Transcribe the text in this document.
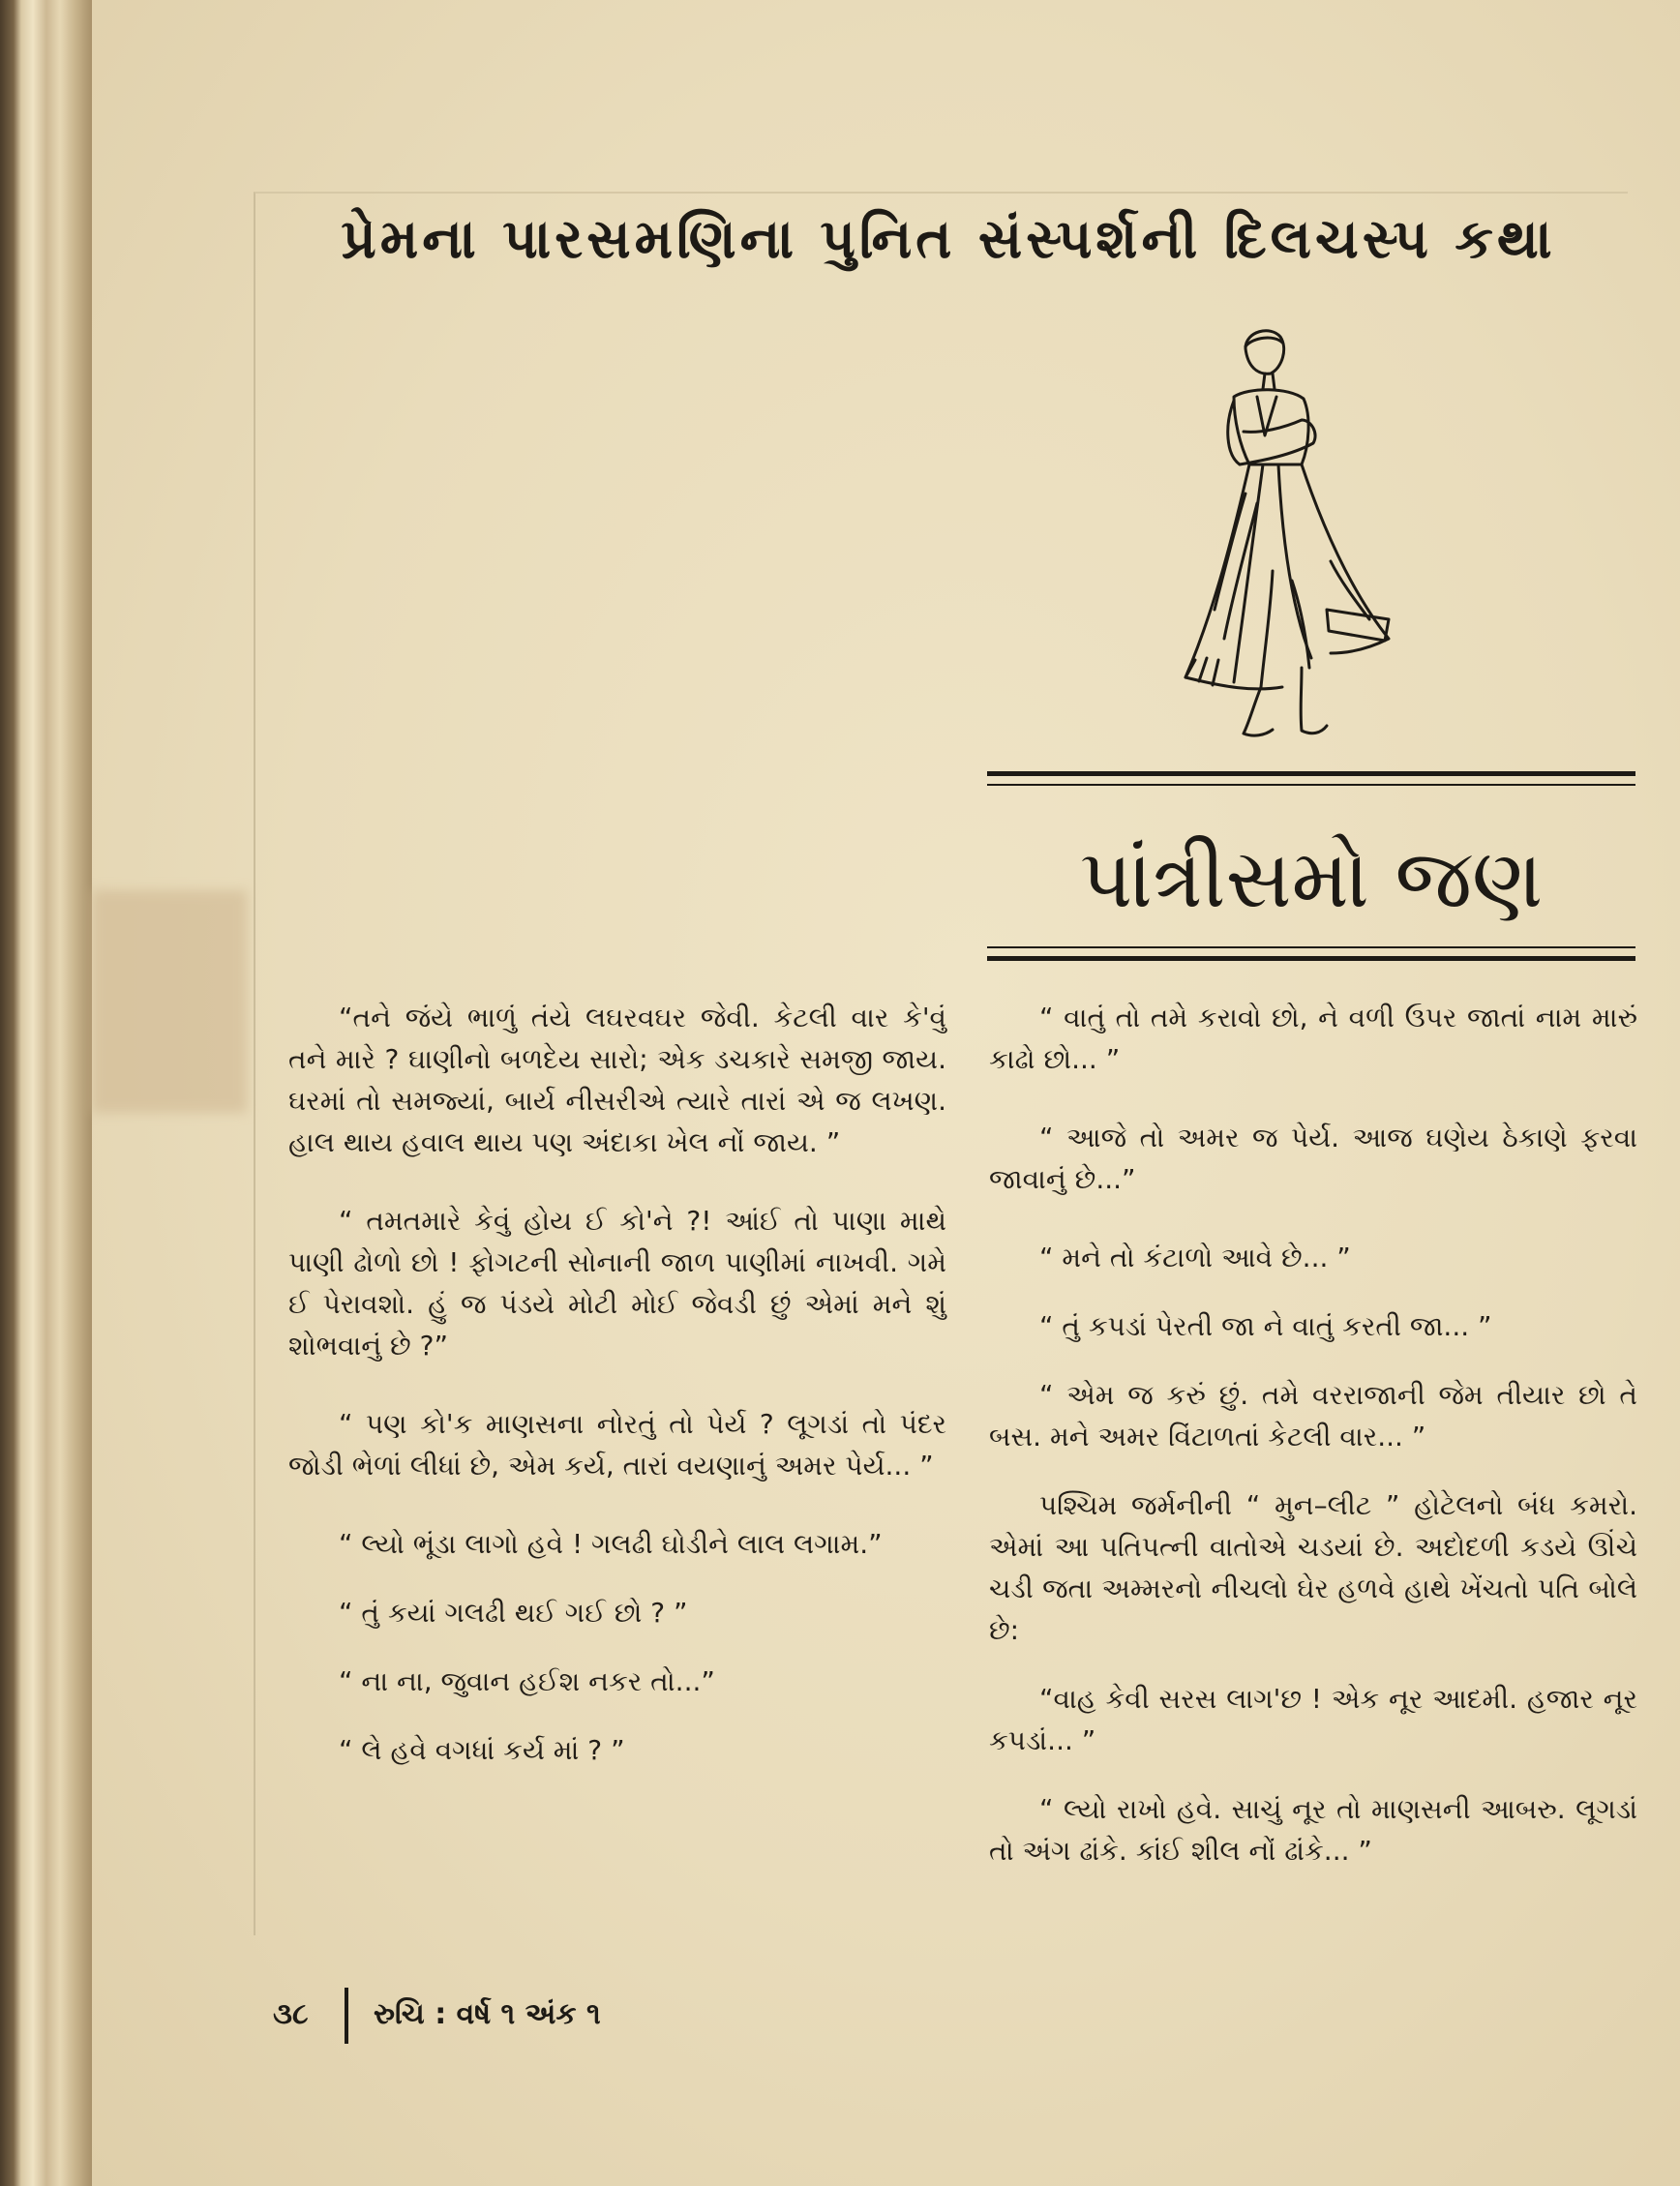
પ્રેમના પારસમણિના પુનિત સંસ્પર્શની દિલચસ્પ કથા
પાંત્રીસમો જણ

“તને જંયે ભાળું તંયે લઘરવઘર જેવી. કેટલી વાર કે'વું તને મારે ? ઘાણીનો બળદેય સારો; એક ડચકારે સમજી જાય. ઘરમાં તો સમજ્યાં, બાર્ય નીસરીએ ત્યારે તારાં એ જ લખણ. હાલ થાય હવાલ થાય પણ અંદાકા ખેલ નોં જાય. ”

“ તમતમારે કેવું હોય ઈ કો'ને ?! આંઈ તો પાણા માથે પાણી ઢોળો છો ! ફોગટની સોનાની જાળ પાણીમાં નાખવી. ગમે ઈ પેરાવશો. હું જ પંડયે મોટી મોઈ જેવડી છું એમાં મને શું શોભવાનું છે ?”

“ પણ કો'ક માણસના નોરતું તો પેર્ય ? લૂગડાં તો પંદર જોડી ભેળાં લીધાં છે, એમ કર્ય, તારાં વયણાનું અમર પેર્ય... ”

“ લ્યો ભૂંડા લાગો હવે ! ગલઢી ઘોડીને લાલ લગામ.”

“ તું કયાં ગલઢી થઈ ગઈ છો ? ”

“ ના ના, જુવાન હઈશ નકર તો...”

“ લે હવે વગધાં કર્ય માં ? ”

“ વાતું તો તમે કરાવો છો, ને વળી ઉપર જાતાં નામ મારું કાઢો છો... ”

“ આજે તો અમર જ પેર્ય. આજ ઘણેય ઠેકાણે ફરવા જાવાનું છે...”

“ મને તો કંટાળો આવે છે... ”

“ તું કપડાં પેરતી જા ને વાતું કરતી જા... ”

“ એમ જ કરું છું. તમે વરરાજાની જેમ તીયાર છો તે બસ. મને અમર વિંટાળતાં કેટલી વાર... ”

પશ્ચિમ જર્મનીની “ મુન–લીટ ” હોટેલનો બંધ કમરો. એમાં આ પતિપત્ની વાતોએ ચડયાં છે. અદોદળી કડયે ઊંચે ચડી જતા અમ્મરનો નીચલો ઘેર હળવે હાથે ખેંચતો પતિ બોલે છે:

“વાહ કેવી સરસ લાગ'છ ! એક નૂર આદમી. હજાર નૂર કપડાં... ”

“ લ્યો રાખો હવે. સાચું નૂર તો માણસની આબરુ. લૂગડાં તો અંગ ઢાંકે. કાંઈ શીલ નોં ઢાંકે... ”

૩૮ રુચિ : વર્ષ ૧ અંક ૧
